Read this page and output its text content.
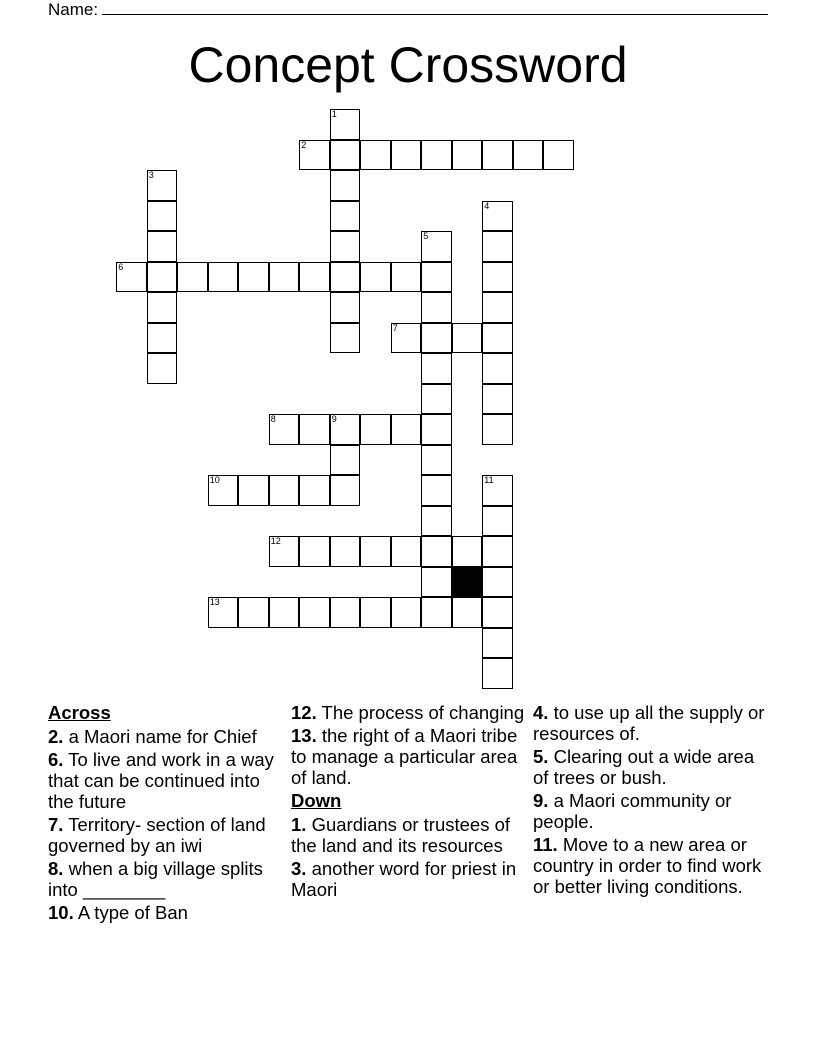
Name:
Concept Crossword
1
2
3
4
5
6
7
8	9
10	11
12
13
Across
2. a Maori name for Chief
6. To live and work in a way that can be continued into the future
7. Territory- section of land governed by an iwi
8. when a big village splits into ________
10. A type of Ban
12. The process of changing
13. the right of a Maori tribe to manage a particular area of land.
Down
1. Guardians or trustees of the land and its resources
3. another word for priest in Maori
4. to use up all the supply or resources of.
5. Clearing out a wide area of trees or bush.
9. a Maori community or people.
11. Move to a new area or country in order to find work or better living conditions.
